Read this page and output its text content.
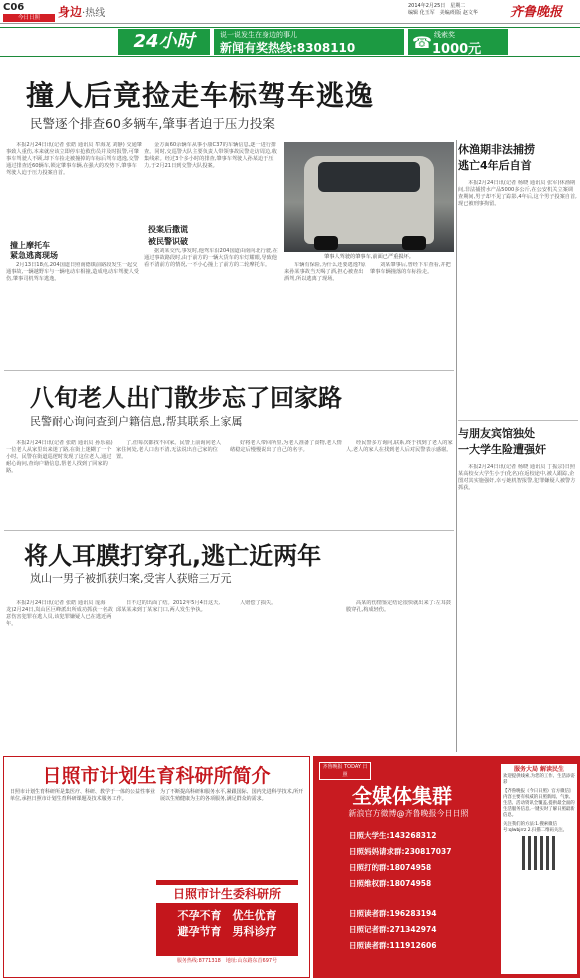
C06
今日日照	身边·热线
2014年2月25日　星期二
编辑 化玉军　美编/组版 赵文华	齐鲁晚报
24小时	说一说发生在身边的事儿
新闻有奖热线:8308110	☎ 线索奖
1000元
撞人后竟捡走车标驾车逃逸
民警逐个排查60多辆车,肇事者迫于压力投案

本报2月24日讯(记者 张皓 通讯员 牟海龙 刘静) 交通肇事致人重伤,本来就应该立即停车抢救伤员并及时报警,可肇事车驾驶人不顾,却下车捡走被撞掉的车标后驾车逃逸,交警通过排查近60辆车,锁定肇事车辆,在强大的攻势下,肇事车驾驶人迫于压力投案自首。

撞上摩托车
紧急逃离现场

2月13日18点,204国道日照南德镇前路段发生一起交通事故,一辆越野车与一辆电动车相撞,造成电动车驾驶人受伤,肇事司机驾车逃逸。

金方面60余辆车从事小康C37的车辆信息,逐一进行排查。同时,交巡警大队主要负责人带领事故民警走访周边,收集线索。经过3个多小时的排查,肇事车驾驶人孙某迫于压力,于2月21日到交警大队投案。

投案后撒谎
被民警识破

据刘某交代,事发时,他驾车沿204国道由南向北行驶,在通过事故路段时,由于前方的一辆大货车的车灯耀眼,导致他看不清前方的情况,一不小心撞上了前方的二轮摩托车。

肇事人驾驶的肇事车,前面已严重损坏。

车辆有保险,为什么还要逃逸?原来孙某事故当天喝了酒,担心被查出酒驾,所以逃离了现场。

刘某肇事后,曾经下车查看,并把肇事车辆撞落的车标捡走。

八旬老人出门散步忘了回家路
民警耐心询问查到户籍信息,帮其联系上家属

本报2月24日讯(记者 张皓 通讯员 孙乐福)一位老人从家里出来迷了路,在街上迷糊了一个小时。民警在街道巡逻时发现了这位老人,通过耐心询问,查询户籍信息,帮老人找到了回家的路。

了,但每次都找不回家。民警上前询问老人家住何处,老人口齿不清,无法说出自己家的位置。

好将老人带回所里,为老人准备了食物,老人情绪稳定后慢慢说出了自己的名字。

经民警多方询问,联系,终于找到了老人的家人,老人的家人在找到老人后对民警表示感谢。

将人耳膜打穿孔,逃亡近两年
岚山一男子被抓获归案,受害人获赔三万元

本报2月24日讯(记者 张皓 通讯员 庞海龙)2月24日,岚山区巨峰派出所成功抓获一名故意伤害犯罪在逃人员,该犯罪嫌疑人已在逃近两年。

日不过的出面了结。2012年5月4日这天,邱某某来到丁某家门口,两人发生争执。

人赔偿了损失。	高某的伤情鉴定结论很快就出来了:左耳鼓膜穿孔,构成轻伤。

休渔期非法捕捞
逃亡4年后自首

本报2月24日讯(记者 杨晓 通讯员 张军)休渔期间,非法捕捞水产品5000多公斤,在公安机关立案调查期间,男子却不见了踪影,4年后,这个男子投案自首,现已被刑事拘留。

与朋友宾馆独处
一大学生险遭强奸

本报2月24日讯(记者 杨晓 通讯员 丁振宗)日照某高校女大学生小于(化名)在返校途中,被人跟踪,企图对其实施强奸,幸亏她机智报警,犯罪嫌疑人被警方抓获。

日照市计划生育科研所简介
日照市计划生育科研所是集医疗、科研、教学于一体的公益性事业单位,承担日照市计划生育科研课题及技术服务工作。
为了不断提高科研和服务水平,紧跟国际、国内先进科学技术,所开展以生殖健康为主的各项服务,满足群众的需求。
日照市计生委科研所
不孕不育　优生优育
避孕节育　男科诊疗
服务热线:8771318　地址:山东路东首697号
齐鲁晚报 TODAY 日照
全媒体集群
新浪官方微博@齐鲁晚报今日日照
日照大学生:143268312
日照妈妈请求群:230817037
日照打的群:18074958
日照维权群:18074958
日照读者群:196283194
日照记者群:271342974
日照读者群:111912606
服务大局 解读民生
欢迎提供线索,为您的工作、生活添姿彩
【齐鲁晚报《今日日照》官方微信] 内容主要有权威的日照新闻、气象、生活、活动资讯全覆盖,提供最全面的生活服务信息,一键实时了解日照最新信息。
关注我们的方法:1.搜索微信号:qlwbjrrz 2.扫描二维码关注。
